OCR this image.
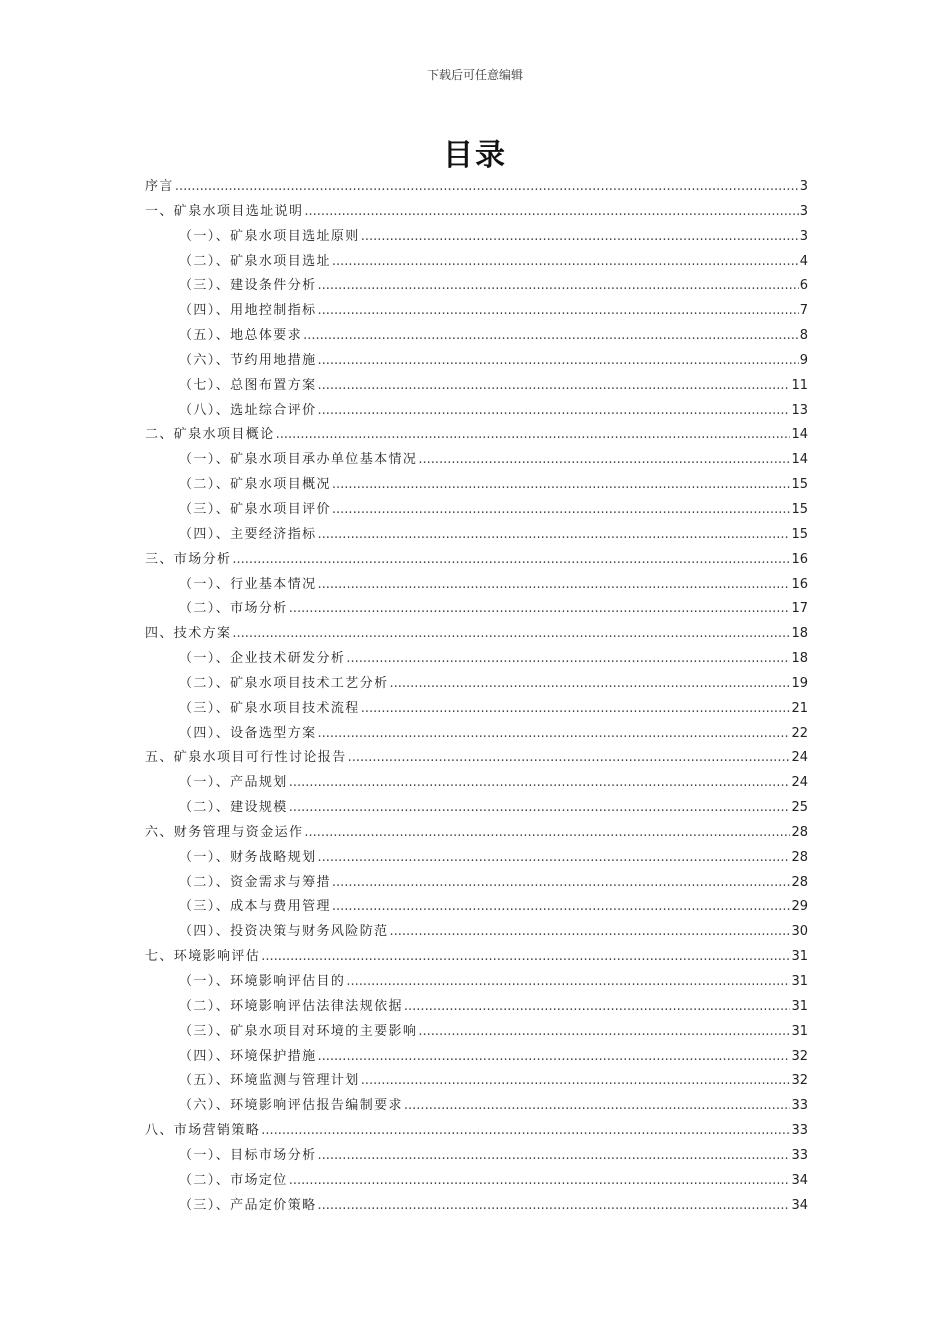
下载后可任意编辑
目录
序言 .....	3
一、矿泉水项目选址说明 .....	3
（一）、矿泉水项目选址原则 .....	3
（二）、矿泉水项目选址 .....	4
（三）、建设条件分析 .....	6
（四）、用地控制指标 .....	7
（五）、地总体要求 .....	8
（六）、节约用地措施 .....	9
（七）、总图布置方案 .....	11
（八）、选址综合评价 .....	13
二、矿泉水项目概论 .....	14
（一）、矿泉水项目承办单位基本情况 .....	14
（二）、矿泉水项目概况 .....	15
（三）、矿泉水项目评价 .....	15
（四）、主要经济指标 .....	15
三、市场分析 .....	16
（一）、行业基本情况 .....	16
（二）、市场分析 .....	17
四、技术方案 .....	18
（一）、企业技术研发分析 .....	18
（二）、矿泉水项目技术工艺分析 .....	19
（三）、矿泉水项目技术流程 .....	21
（四）、设备选型方案 .....	22
五、矿泉水项目可行性讨论报告 .....	24
（一）、产品规划 .....	24
（二）、建设规模 .....	25
六、财务管理与资金运作 .....	28
（一）、财务战略规划 .....	28
（二）、资金需求与筹措 .....	28
（三）、成本与费用管理 .....	29
（四）、投资决策与财务风险防范 .....	30
七、环境影响评估 .....	31
（一）、环境影响评估目的 .....	31
（二）、环境影响评估法律法规依据 .....	31
（三）、矿泉水项目对环境的主要影响 .....	31
（四）、环境保护措施 .....	32
（五）、环境监测与管理计划 .....	32
（六）、环境影响评估报告编制要求 .....	33
八、市场营销策略 .....	33
（一）、目标市场分析 .....	33
（二）、市场定位 .....	34
（三）、产品定价策略 .....	34
